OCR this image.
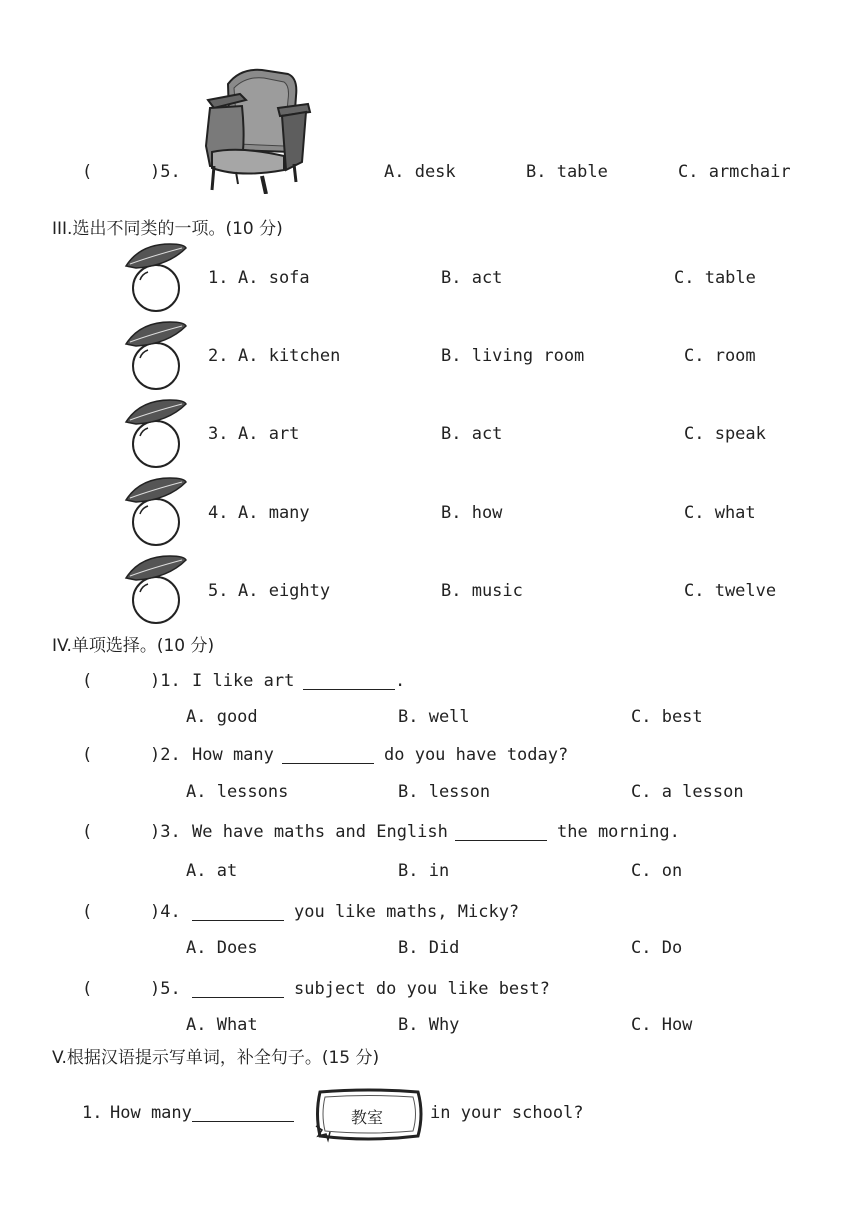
(	)5.	A. desk	B. table	C. armchair
III.选出不同类的一项。(10 分)
1. A. sofa	B. act	C. table
2. A. kitchen	B. living room	C. room
3. A. art	B. act	C. speak
4. A. many	B. how	C. what
5. A. eighty	B. music	C. twelve
IV.单项选择。(10 分)
(	)1. I like art	.
A. good	B. well	C. best
(	)2. How many	do you have today?
A. lessons	B. lesson	C. a lesson
(	)3. We have maths and English	the morning.
A. at	B. in	C. on
(	)4.	you like maths, Micky?
A. Does	B. Did	C. Do
(	)5.	subject do you like best?
A. What	B. Why	C. How
V.根据汉语提示写单词，补全句子。(15 分)
1. How many	教室	in your school?
